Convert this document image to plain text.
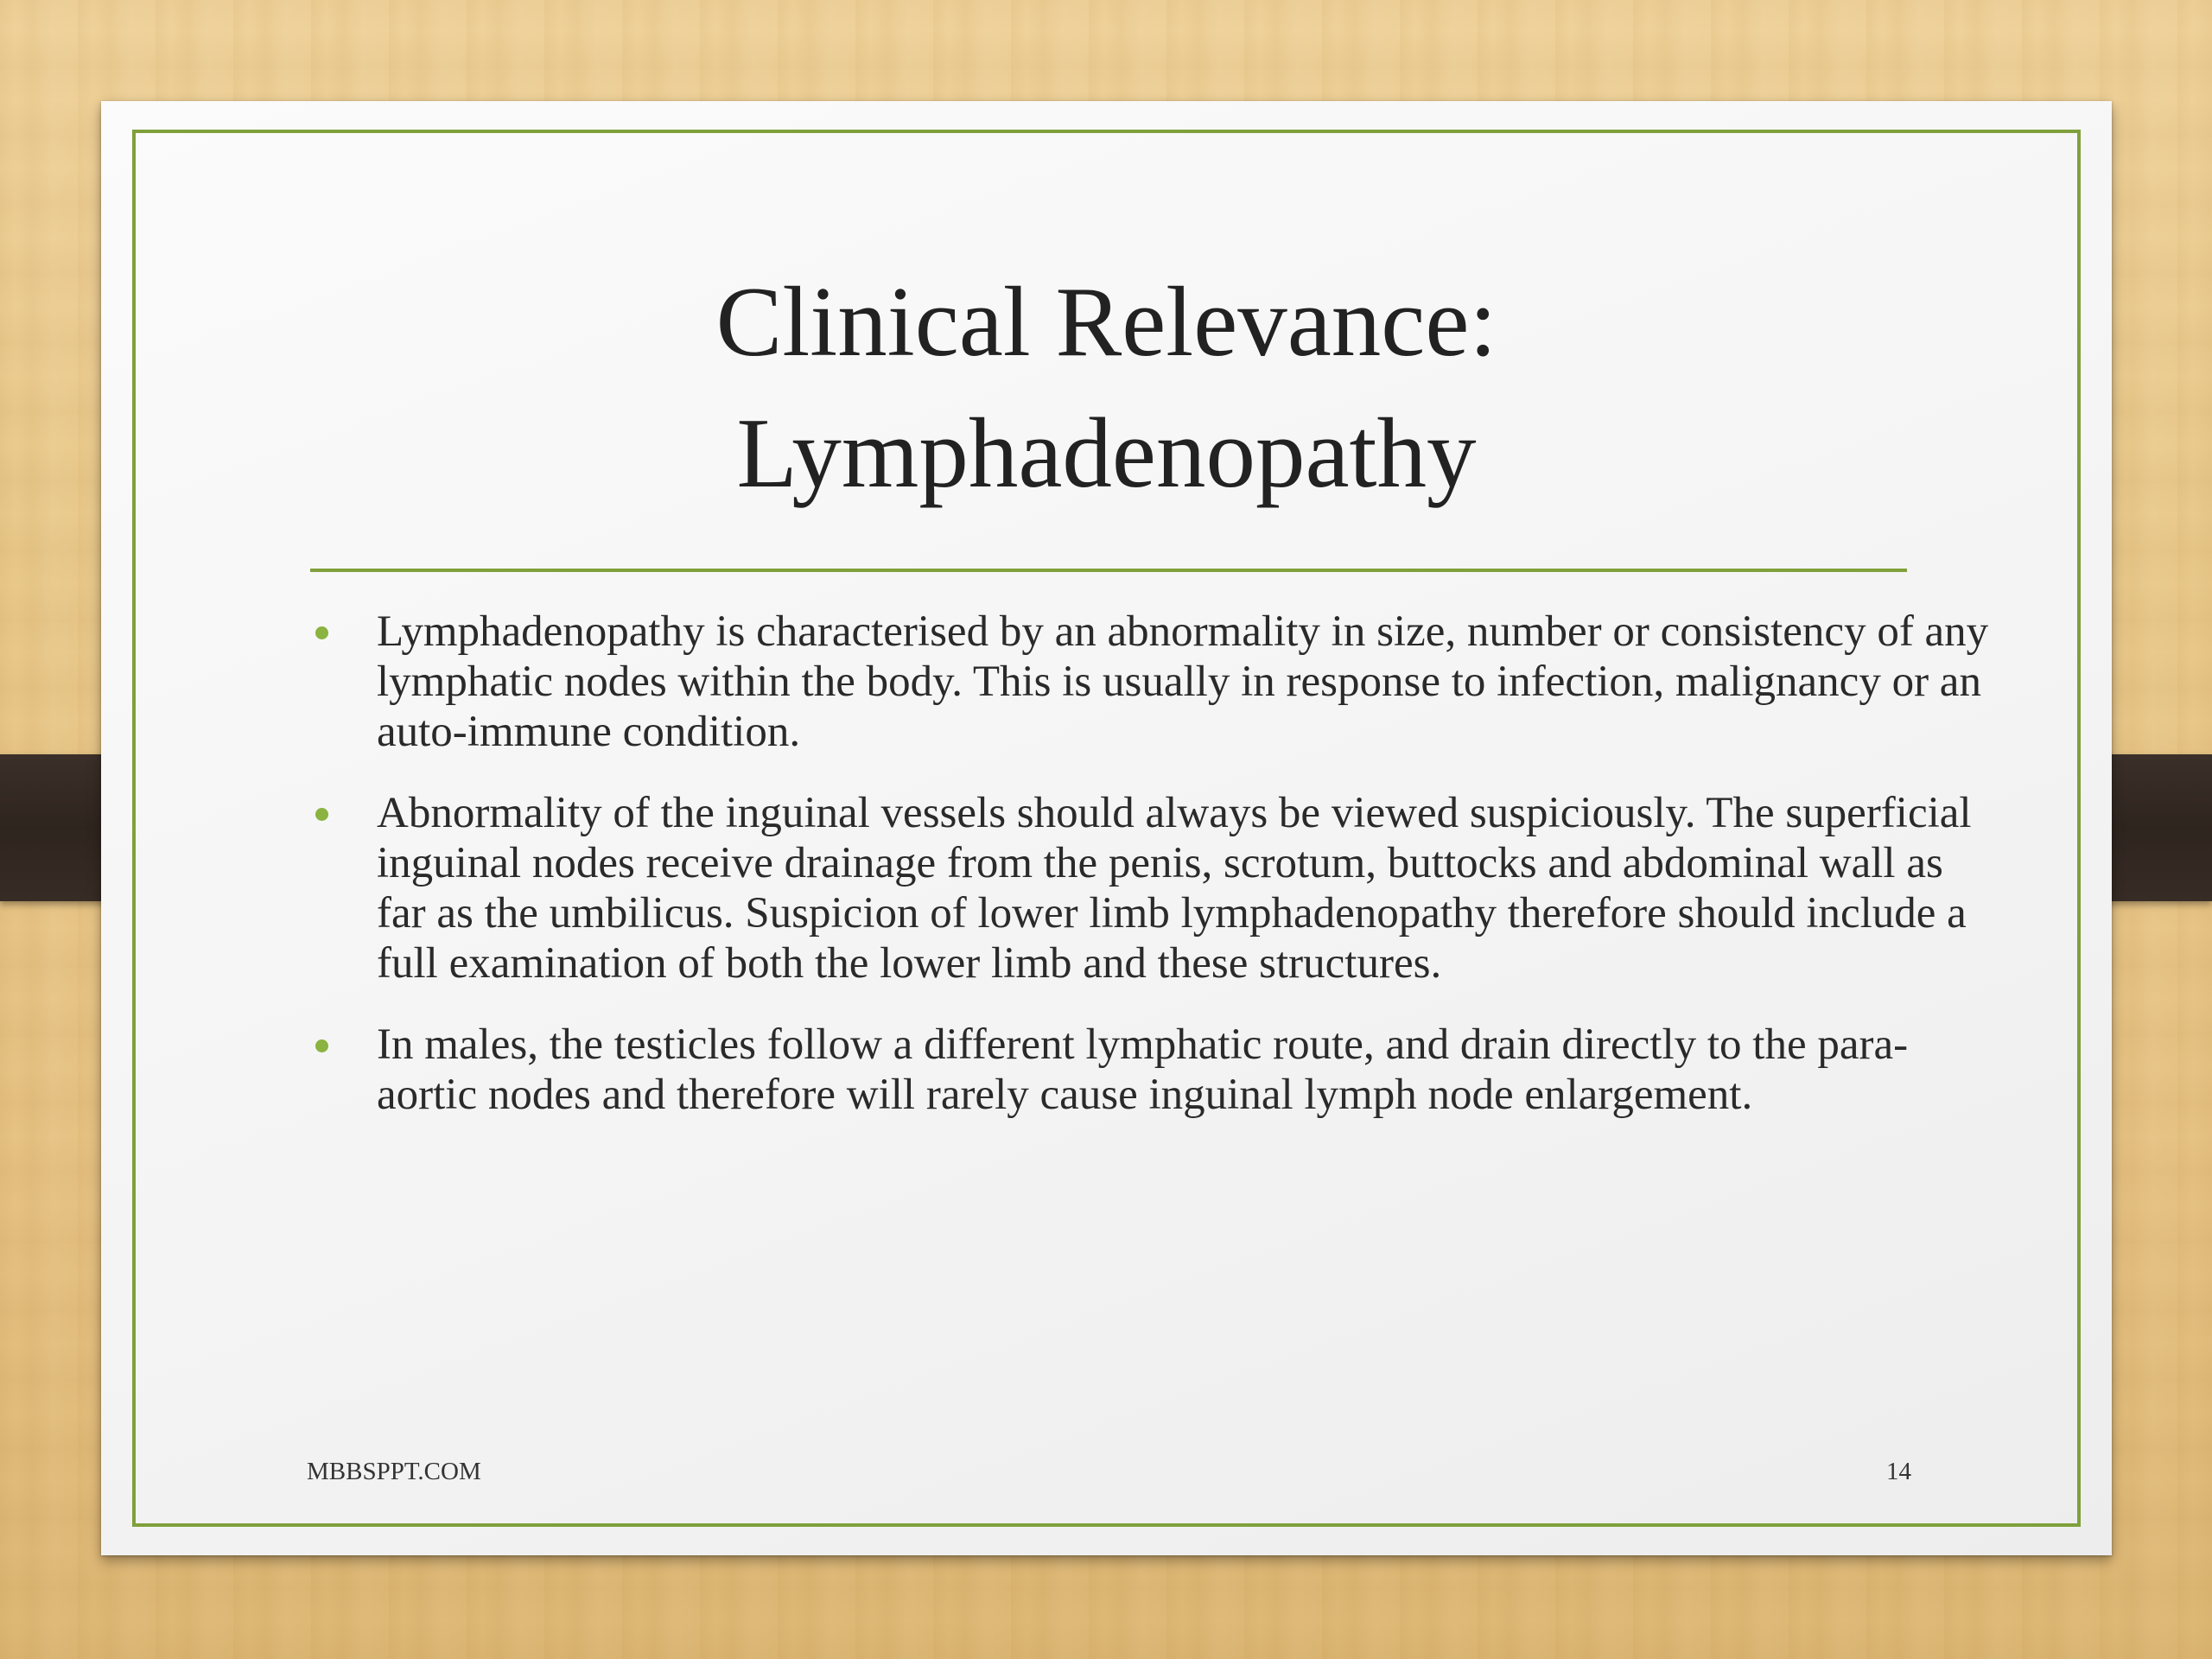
Clinical Relevance:
Lymphadenopathy
Lymphadenopathy is characterised by an abnormality in size, number or consistency of any lymphatic nodes within the body. This is usually in response to infection, malignancy or an auto-immune condition.
Abnormality of the inguinal vessels should always be viewed suspiciously. The superficial inguinal nodes receive drainage from the penis, scrotum, buttocks and abdominal wall as far as the umbilicus. Suspicion of lower limb lymphadenopathy therefore should include a full examination of both the lower limb and these structures.
In males, the testicles follow a different lymphatic route, and drain directly to the para-aortic nodes and therefore will rarely cause inguinal lymph node enlargement.
MBBSPPT.COM	14
